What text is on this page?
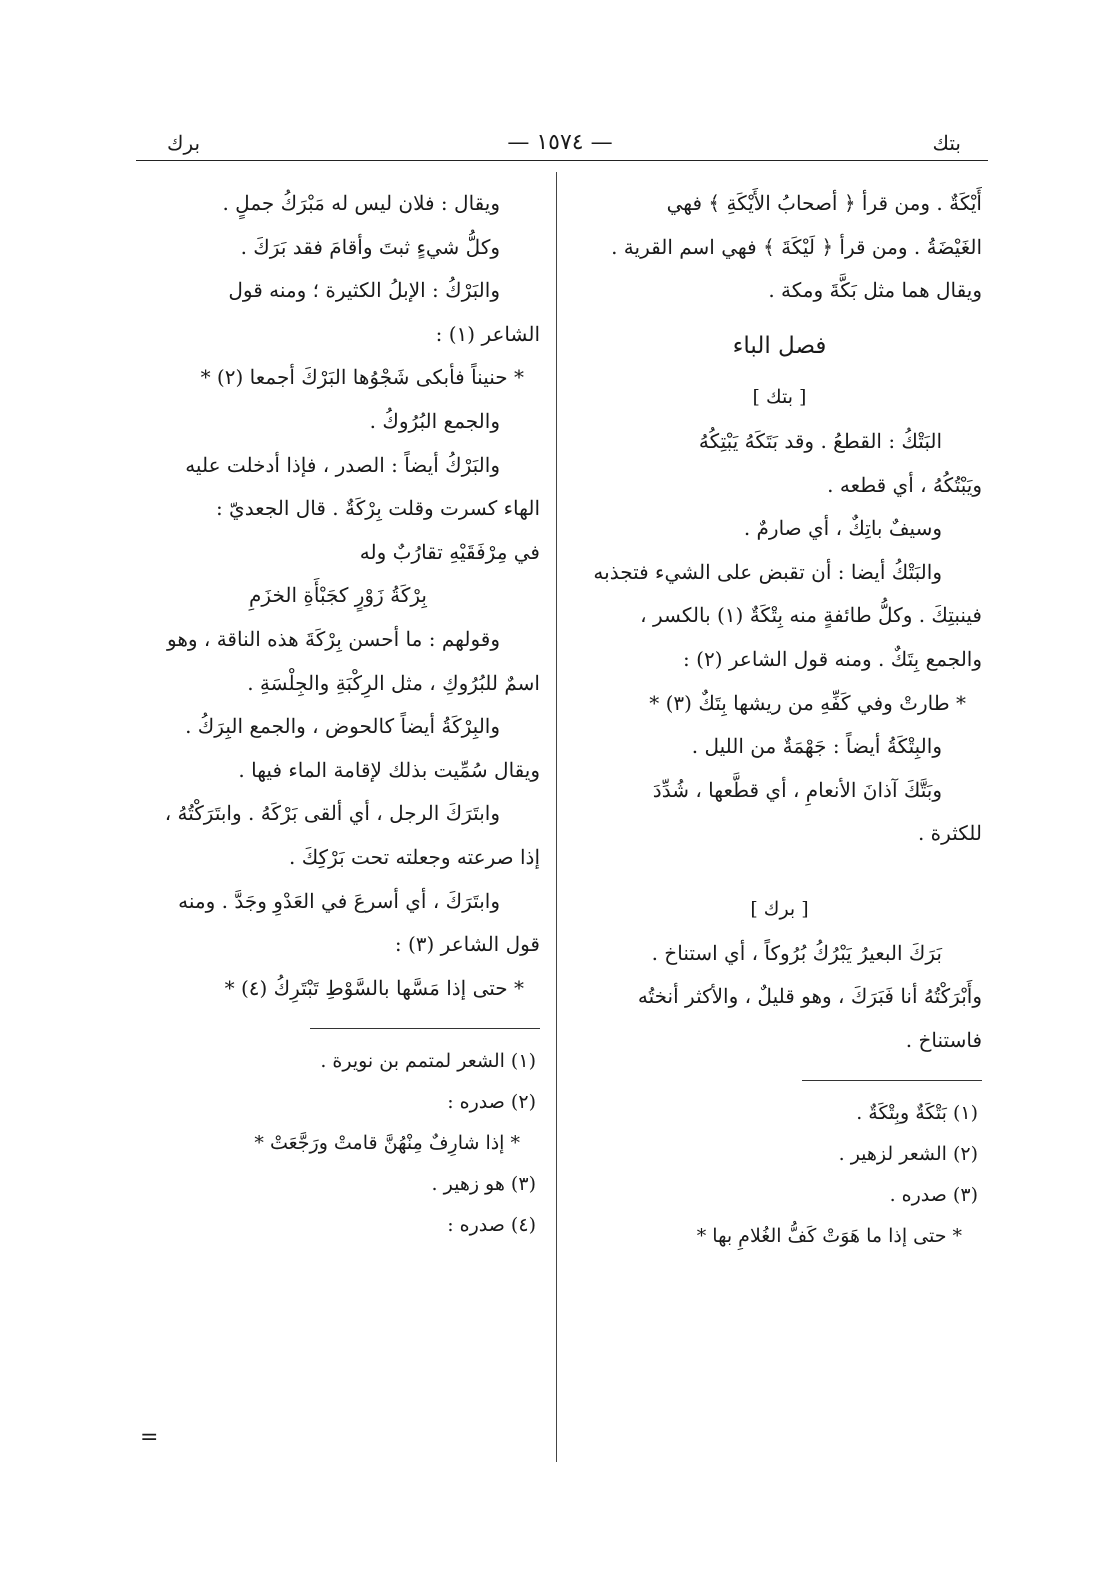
برك	— ١٥٧٤ —	بتك
أَيْكَةٌ . ومن قرأ ﴿ أصحابُ الأَيْكَةِ ﴾ فهي
الغَيْضَةُ . ومن قرأ ﴿ لَيْكَةَ ﴾ فهي اسم القرية .
ويقال هما مثل بَكَّةَ ومكة .
فصل الباء
[ بتك ]
البَتْكُ : القطعُ . وقد بَتَكَهُ يَبْتِكُهُ
ويَبْتُكُهُ ، أي قطعه .
وسيفٌ باتِكٌ ، أي صارمٌ .
والبَتْكُ أيضا : أن تقبض على الشيء فتجذبه
فينبتِكَ . وكلُّ طائفةٍ منه بِتْكَةٌ (١) بالكسر ،
والجمع بِتَكٌ . ومنه قول الشاعر (٢) :
* طارتْ وفي كَفِّهِ من ريشها بِتَكٌ (٣) *
والبِتْكَةُ أيضاً : جَهْمَةٌ من الليل .
وبَتَّكَ آذانَ الأنعامِ ، أي قطَّعها ، شُدِّدَ
للكثرة .
[ برك ]
بَرَكَ البعيرُ يَبْرُكُ بُرُوكاً ، أي استناخ .
وأَبْرَكْتُهُ أنا فَبَرَكَ ، وهو قليلٌ ، والأكثر أنختُه
فاستناخ .
(١) بَتْكَةٌ وبِتْكَةٌ .
(٢) الشعر لزهير .
(٣) صدره .
* حتى إذا ما هَوَتْ كَفُّ الغُلامِ بها *
ويقال : فلان ليس له مَبْرَكُ جملٍ .
وكلُّ شيءٍ ثبتَ وأقامَ فقد بَرَكَ .
والبَرْكُ : الإبلُ الكثيرة ؛ ومنه قول
الشاعر (١) :
* حنيناً فأبكى شَجْوُها البَرْكَ أجمعا (٢) *
والجمع البُرُوكُ .
والبَرْكُ أيضاً : الصدر ، فإذا أدخلت عليه
الهاء كسرت وقلت بِرْكَةٌ . قال الجعديّ :
في مِرْفَقَيْهِ تقارُبٌ وله
بِرْكَةُ زَوْرٍ كجَبْأَةِ الخزَمِ
وقولهم : ما أحسن بِرْكَةَ هذه الناقة ، وهو
اسمٌ للبُرُوكِ ، مثل الرِكْبَةِ والجِلْسَةِ .
والبِرْكَةُ أيضاً كالحوض ، والجمع البِرَكُ .
ويقال سُمِّيت بذلك لإقامة الماء فيها .
وابتَرَكَ الرجل ، أي ألقى بَرْكَهُ . وابتَرَكْتُهُ ،
إذا صرعته وجعلته تحت بَرْكِكَ .
وابتَرَكَ ، أي أسرعَ في العَدْوِ وجَدَّ . ومنه
قول الشاعر (٣) :
* حتى إذا مَسَّها بالسَّوْطِ تَبْتَرِكُ (٤) *
(١) الشعر لمتمم بن نويرة .
(٢) صدره :
* إذا شارِفٌ مِنْهُنَّ قامتْ ورَجَّعَتْ *
(٣) هو زهير .
(٤) صدره :
=
